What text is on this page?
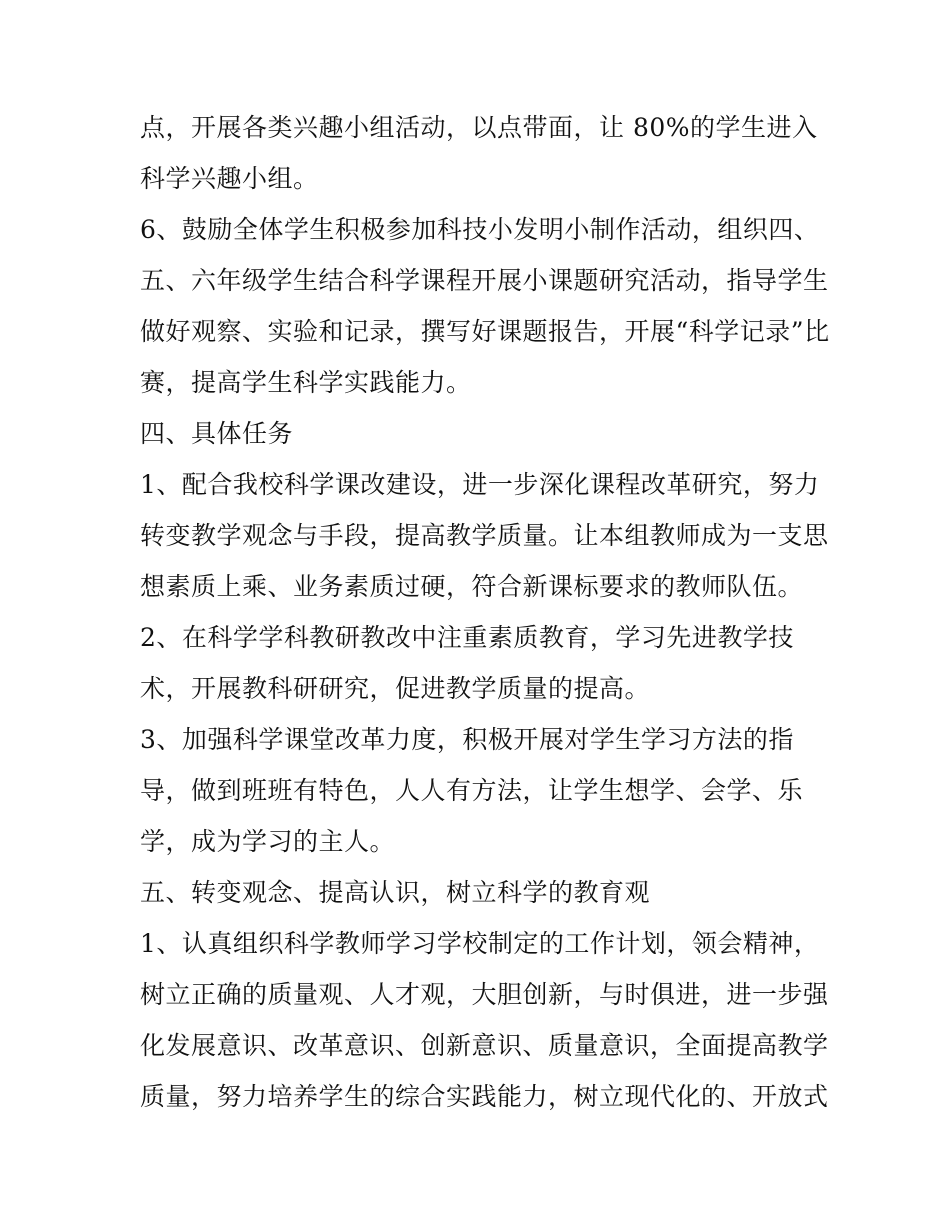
点，开展各类兴趣小组活动，以点带面，让 80%的学生进入
科学兴趣小组。
6、鼓励全体学生积极参加科技小发明小制作活动，组织四、
五、六年级学生结合科学课程开展小课题研究活动，指导学生
做好观察、实验和记录，撰写好课题报告，开展“科学记录”比
赛，提高学生科学实践能力。
四、具体任务
1、配合我校科学课改建设，进一步深化课程改革研究，努力
转变教学观念与手段，提高教学质量。让本组教师成为一支思
想素质上乘、业务素质过硬，符合新课标要求的教师队伍。
2、在科学学科教研教改中注重素质教育，学习先进教学技
术，开展教科研研究，促进教学质量的提高。
3、加强科学课堂改革力度，积极开展对学生学习方法的指
导，做到班班有特色，人人有方法，让学生想学、会学、乐
学，成为学习的主人。
五、转变观念、提高认识，树立科学的教育观
1、认真组织科学教师学习学校制定的工作计划，领会精神，
树立正确的质量观、人才观，大胆创新，与时俱进，进一步强
化发展意识、改革意识、创新意识、质量意识，全面提高教学
质量，努力培养学生的综合实践能力，树立现代化的、开放式
